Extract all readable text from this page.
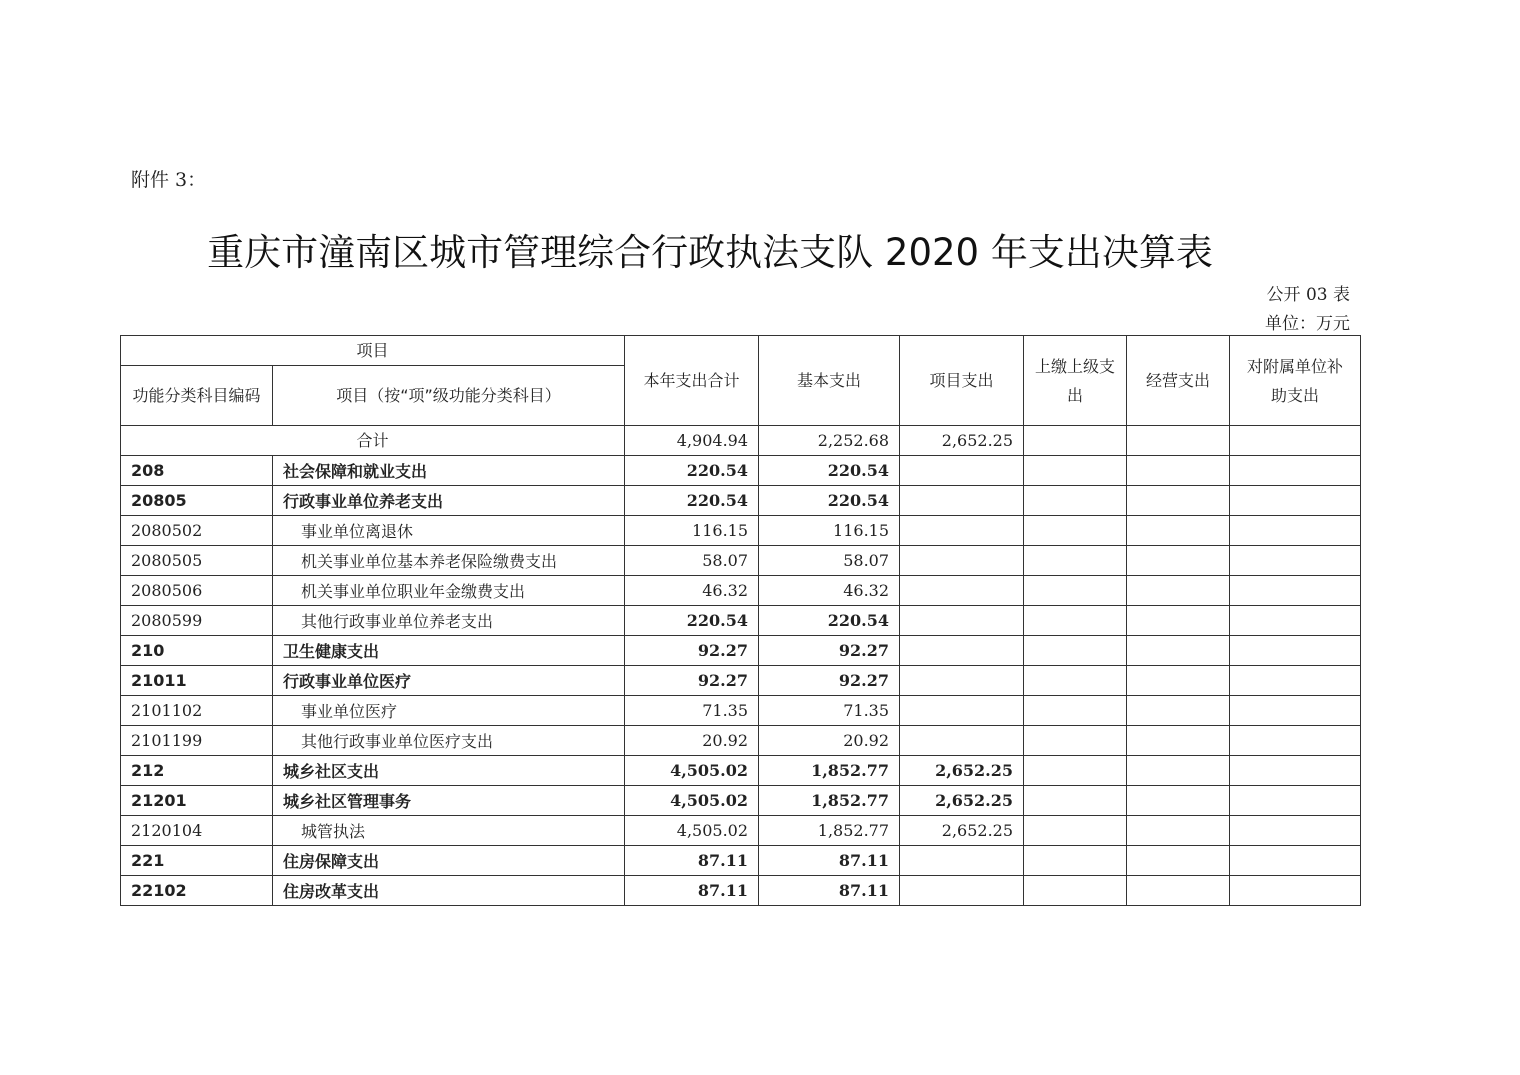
附件 3：
重庆市潼南区城市管理综合行政执法支队 2020 年支出决算表
公开 03 表
单位：万元
项目		本年支出合计	基本支出	项目支出	上缴上级支出	经营支出	对附属单位补助支出
功能分类科目编码	项目（按“项”级功能分类科目）						
合计		4,904.94	2,252.68	2,652.25			
208	社会保障和就业支出	220.54	220.54				
20805	行政事业单位养老支出	220.54	220.54				
2080502	事业单位离退休	116.15	116.15				
2080505	机关事业单位基本养老保险缴费支出	58.07	58.07				
2080506	机关事业单位职业年金缴费支出	46.32	46.32				
2080599	其他行政事业单位养老支出	220.54	220.54				
210	卫生健康支出	92.27	92.27				
21011	行政事业单位医疗	92.27	92.27				
2101102	事业单位医疗	71.35	71.35				
2101199	其他行政事业单位医疗支出	20.92	20.92				
212	城乡社区支出	4,505.02	1,852.77	2,652.25			
21201	城乡社区管理事务	4,505.02	1,852.77	2,652.25			
2120104	城管执法	4,505.02	1,852.77	2,652.25			
221	住房保障支出	87.11	87.11				
22102	住房改革支出	87.11	87.11				
